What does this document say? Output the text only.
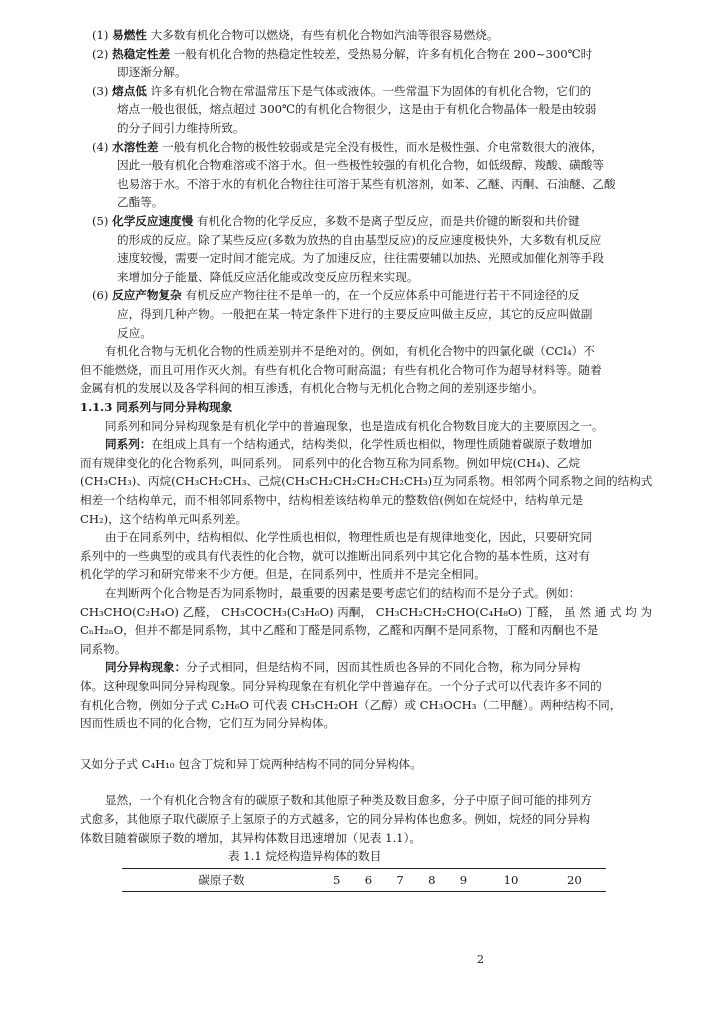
(1) 易燃性 大多数有机化合物可以燃烧，有些有机化合物如汽油等很容易燃烧。
(2) 热稳定性差 一般有机化合物的热稳定性较差，受热易分解，许多有机化合物在 200~300℃时
即逐渐分解。
(3) 熔点低 许多有机化合物在常温常压下是气体或液体。一些常温下为固体的有机化合物，它们的
熔点一般也很低，熔点超过 300℃的有机化合物很少，这是由于有机化合物晶体一般是由较弱
的分子间引力维持所致。
(4) 水溶性差 一般有机化合物的极性较弱或是完全没有极性，而水是极性强、介电常数很大的液体，
因此一般有机化合物难溶或不溶于水。但一些极性较强的有机化合物，如低级醇、羧酸、磺酸等
也易溶于水。不溶于水的有机化合物往往可溶于某些有机溶剂，如苯、乙醚、丙酮、石油醚、乙酸
乙酯等。
(5) 化学反应速度慢 有机化合物的化学反应，多数不是离子型反应，而是共价键的断裂和共价键
的形成的反应。除了某些反应(多数为放热的自由基型反应)的反应速度极快外，大多数有机反应
速度较慢，需要一定时间才能完成。为了加速反应，往往需要辅以加热、光照或加催化剂等手段
来增加分子能量、降低反应活化能或改变反应历程来实现。
(6) 反应产物复杂 有机反应产物往往不是单一的，在一个反应体系中可能进行若干不同途径的反
应，得到几种产物。一般把在某一特定条件下进行的主要反应叫做主反应，其它的反应叫做副
反应。
有机化合物与无机化合物的性质差别并不是绝对的。例如，有机化合物中的四氯化碳（CCl₄）不
但不能燃烧，而且可用作灭火剂。有些有机化合物可耐高温；有些有机化合物可作为超导材料等。随着
金属有机的发展以及各学科间的相互渗透，有机化合物与无机化合物之间的差别逐步缩小。
1.1.3 同系列与同分异构现象
同系列和同分异构现象是有机化学中的普遍现象，也是造成有机化合物数目庞大的主要原因之一。
同系列：在组成上具有一个结构通式，结构类似，化学性质也相似，物理性质随着碳原子数增加
而有规律变化的化合物系列，叫同系列。 同系列中的化合物互称为同系物。例如甲烷(CH₄)、乙烷
(CH₃CH₃)、丙烷(CH₃CH₂CH₃、己烷(CH₃CH₂CH₂CH₂CH₂CH₃)互为同系物。相邻两个同系物之间的结构式
相差一个结构单元，而不相邻同系物中，结构相差该结构单元的整数倍(例如在烷烃中，结构单元是
CH₂)，这个结构单元叫系列差。
由于在同系列中，结构相似、化学性质也相似，物理性质也是有规律地变化，因此，只要研究同
系列中的一些典型的或具有代表性的化合物，就可以推断出同系列中其它化合物的基本性质，这对有
机化学的学习和研究带来不少方便。但是，在同系列中，性质并不是完全相同。
在判断两个化合物是否为同系物时，最重要的因素是要考虑它们的结构而不是分子式。例如：
CH₃CHO(C₂H₄O) 乙醛， CH₃COCH₃(C₃H₆O) 丙酮， CH₃CH₂CH₂CHO(C₄H₈O) 丁醛， 虽 然 通 式 均 为
CₙH₂ₙO，但并不都是同系物，其中乙醛和丁醛是同系物，乙醛和丙酮不是同系物，丁醛和丙酮也不是
同系物。
同分异构现象：分子式相同，但是结构不同，因而其性质也各异的不同化合物，称为同分异构
体。这种现象叫同分异构现象。同分异构现象在有机化学中普遍存在。一个分子式可以代表许多不同的
有机化合物，例如分子式 C₂H₆O 可代表 CH₃CH₂OH（乙醇）或 CH₃OCH₃（二甲醚）。两种结构不同，
因而性质也不同的化合物，它们互为同分异构体。
又如分子式 C₄H₁₀ 包含丁烷和异丁烷两种结构不同的同分异构体。
显然，一个有机化合物含有的碳原子数和其他原子种类及数目愈多，分子中原子间可能的排列方
式愈多，其他原子取代碳原子上氢原子的方式越多，它的同分异构体也愈多。例如，烷烃的同分异构
体数目随着碳原子数的增加，其异构体数目迅速增加（见表 1.1）。
表 1.1 烷烃构造异构体的数目
碳原子数	5	6	7	8	9	10	20
2
